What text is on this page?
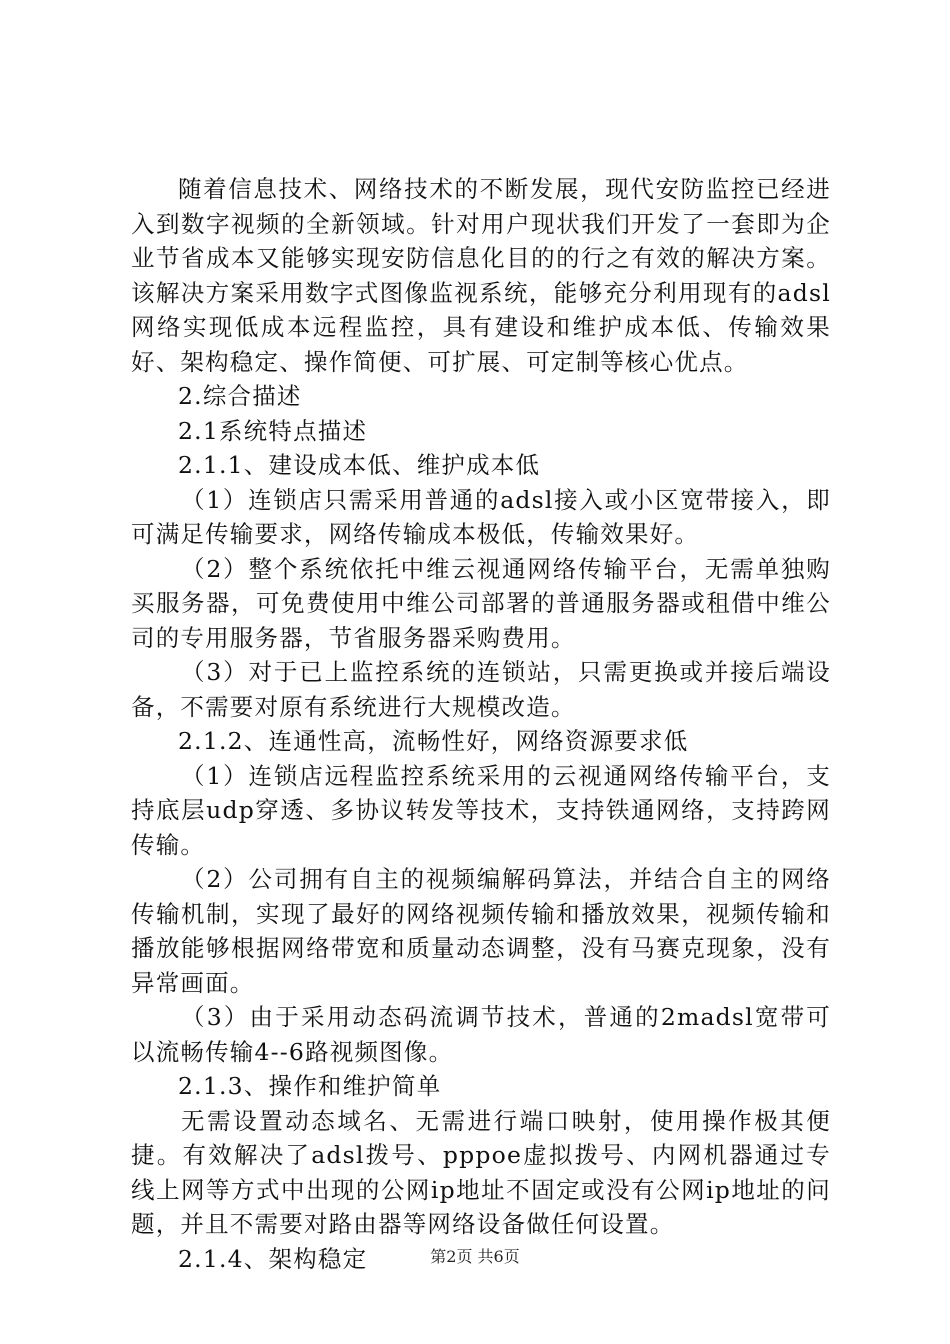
随着信息技术、网络技术的不断发展，现代安防监控已经进入到数字视频的全新领域。针对用户现状我们开发了一套即为企业节省成本又能够实现安防信息化目的的行之有效的解决方案。该解决方案采用数字式图像监视系统，能够充分利用现有的adsl网络实现低成本远程监控，具有建设和维护成本低、传输效果好、架构稳定、操作简便、可扩展、可定制等核心优点。

2.综合描述

2.1系统特点描述

2.1.1、建设成本低、维护成本低

（1）连锁店只需采用普通的adsl接入或小区宽带接入，即可满足传输要求，网络传输成本极低，传输效果好。

（2）整个系统依托中维云视通网络传输平台，无需单独购买服务器，可免费使用中维公司部署的普通服务器或租借中维公司的专用服务器，节省服务器采购费用。

（3）对于已上监控系统的连锁站，只需更换或并接后端设备，不需要对原有系统进行大规模改造。

2.1.2、连通性高，流畅性好，网络资源要求低

（1）连锁店远程监控系统采用的云视通网络传输平台，支持底层udp穿透、多协议转发等技术，支持铁通网络，支持跨网传输。

（2）公司拥有自主的视频编解码算法，并结合自主的网络传输机制，实现了最好的网络视频传输和播放效果，视频传输和播放能够根据网络带宽和质量动态调整，没有马赛克现象，没有异常画面。

（3）由于采用动态码流调节技术，普通的2madsl宽带可以流畅传输4--6路视频图像。

2.1.3、操作和维护简单

无需设置动态域名、无需进行端口映射，使用操作极其便捷。有效解决了adsl拨号、pppoe虚拟拨号、内网机器通过专线上网等方式中出现的公网ip地址不固定或没有公网ip地址的问题，并且不需要对路由器等网络设备做任何设置。

2.1.4、架构稳定	第2页 共6页
